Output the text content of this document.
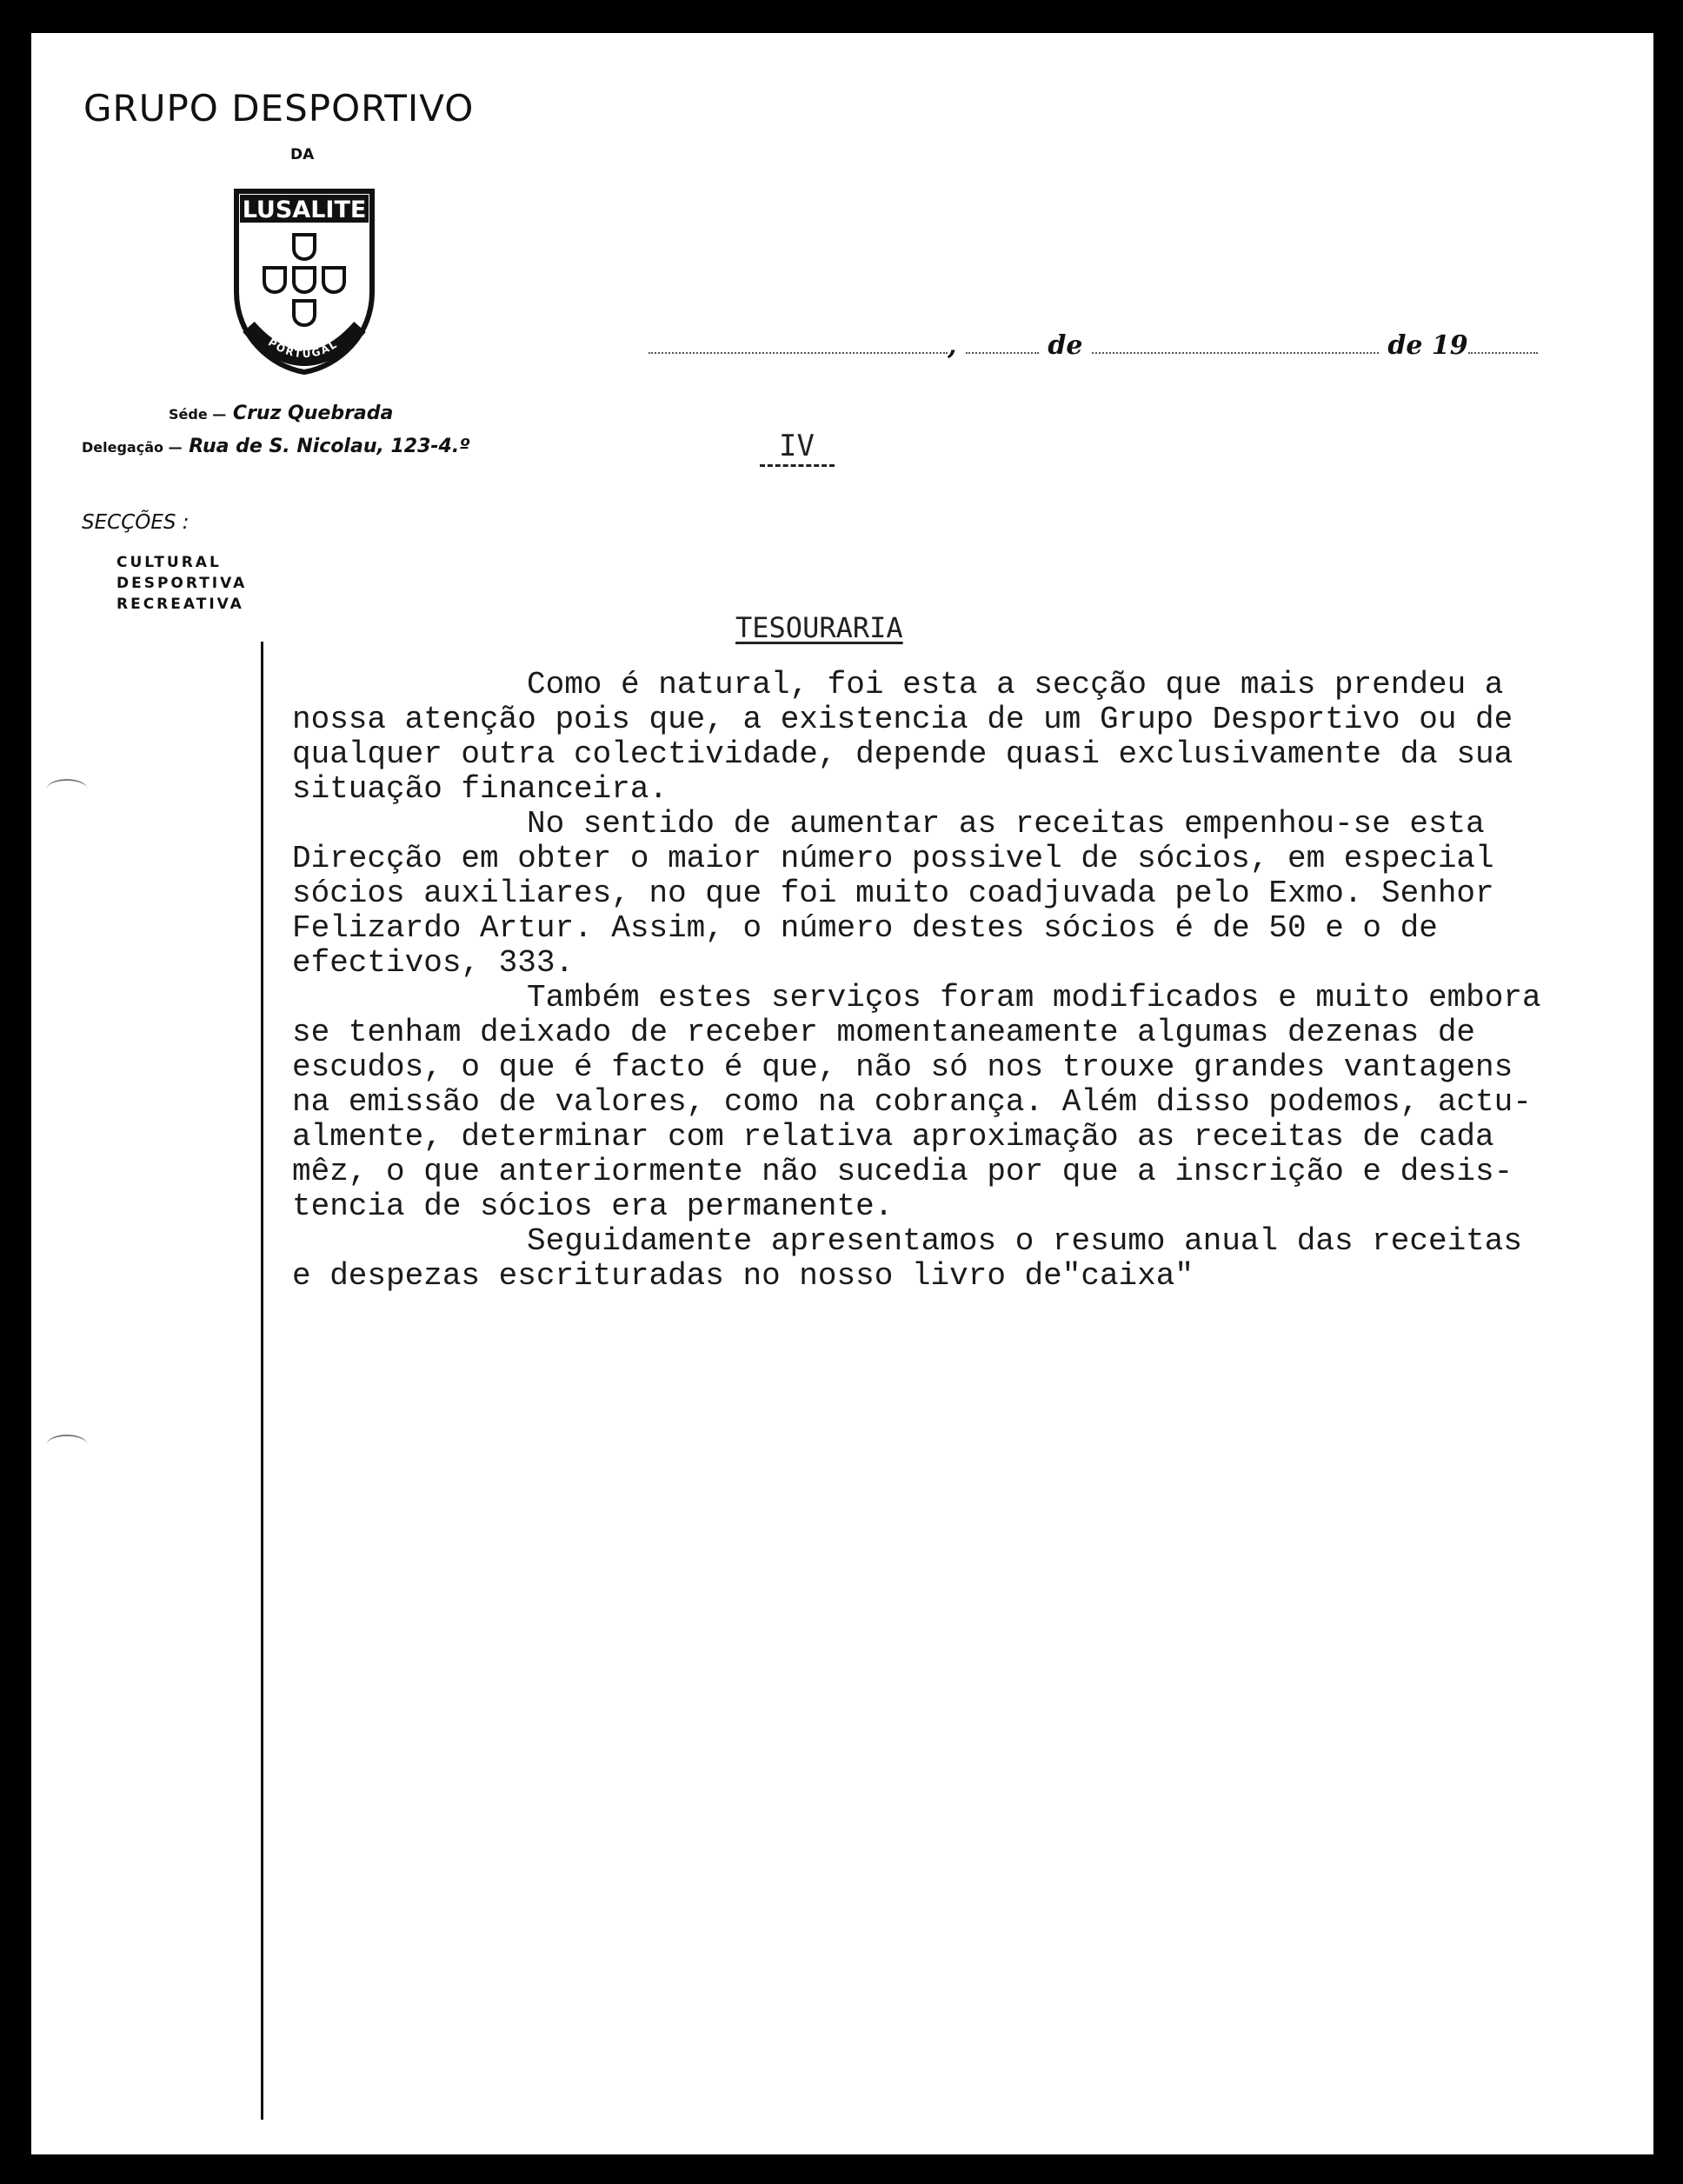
GRUPO DESPORTIVO
DA
LUSALITE
PORTUGAL
Séde — Cruz Quebrada
Delegação — Rua de S. Nicolau, 123-4.º
SECÇÕES :
CULTURAL
DESPORTIVA
RECREATIVA
,	de	de 19
IV
TESOURARIA

Como é natural, foi esta a secção que mais prendeu a

nossa atenção pois que, a existencia de um Grupo Desportivo ou de

qualquer outra colectividade, depende quasi exclusivamente da sua

situação financeira.

No sentido de aumentar as receitas empenhou-se esta

Direcção em obter o maior número possivel de sócios, em especial

sócios auxiliares, no que foi muito coadjuvada pelo Exmo. Senhor

Felizardo Artur. Assim, o número destes sócios é de 50 e o de

efectivos, 333.

Também estes serviços foram modificados e muito embora

se tenham deixado de receber momentaneamente algumas dezenas de

escudos, o que é facto é que, não só nos trouxe grandes vantagens

na emissão de valores, como na cobrança. Além disso podemos, actu-

almente, determinar com relativa aproximação as receitas de cada

mêz, o que anteriormente não sucedia por que a inscrição e desis-

tencia de sócios era permanente.

Seguidamente apresentamos o resumo anual das receitas

e despezas escrituradas no nosso livro de"caixa"
